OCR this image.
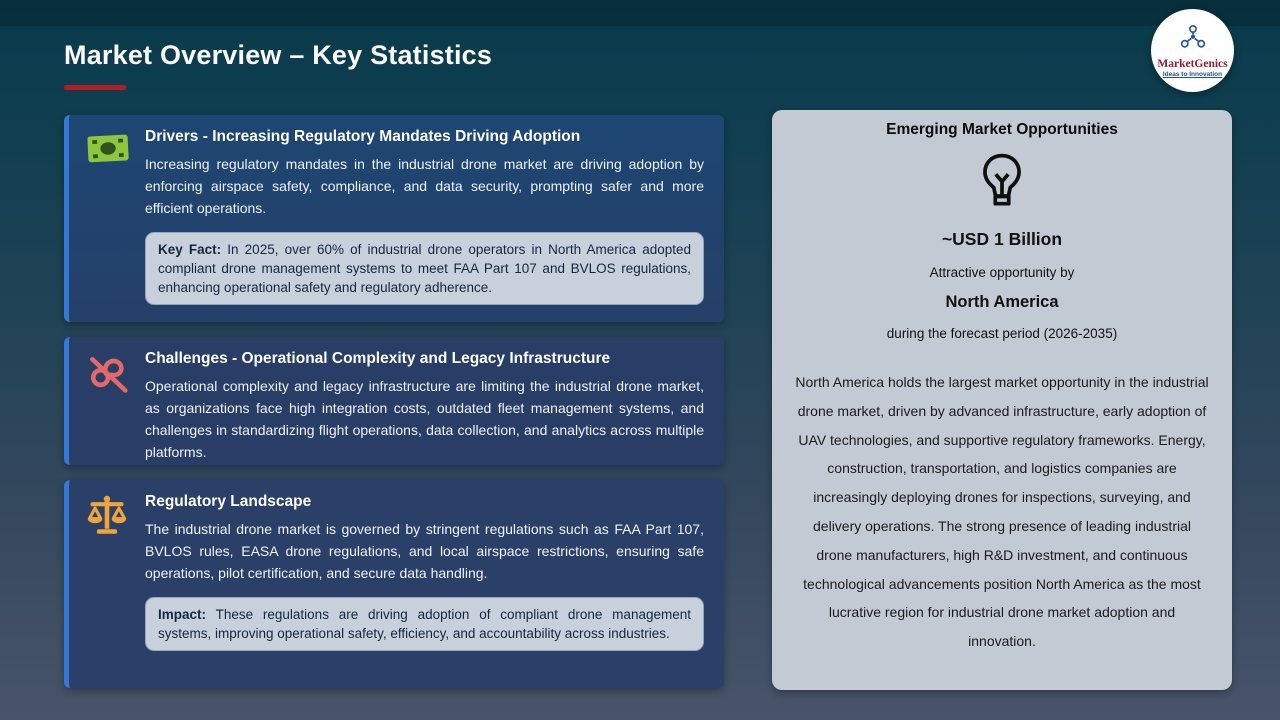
Market Overview – Key Statistics	MarketGenics
Ideas to Innovation
Drivers - Increasing Regulatory Mandates Driving Adoption
Increasing regulatory mandates in the industrial drone market are driving adoption by enforcing airspace safety, compliance, and data security, prompting safer and more efficient operations.
Key Fact: In 2025, over 60% of industrial drone operators in North America adopted compliant drone management systems to meet FAA Part 107 and BVLOS regulations, enhancing operational safety and regulatory adherence.
Challenges - Operational Complexity and Legacy Infrastructure
Operational complexity and legacy infrastructure are limiting the industrial drone market, as organizations face high integration costs, outdated fleet management systems, and challenges in standardizing flight operations, data collection, and analytics across multiple platforms.
Regulatory Landscape
The industrial drone market is governed by stringent regulations such as FAA Part 107, BVLOS rules, EASA drone regulations, and local airspace restrictions, ensuring safe operations, pilot certification, and secure data handling.
Impact: These regulations are driving adoption of compliant drone management systems, improving operational safety, efficiency, and accountability across industries.
Emerging Market Opportunities
~USD 1 Billion
Attractive opportunity by
North America
during the forecast period (2026-2035)
North America holds the largest market opportunity in the industrial drone market, driven by advanced infrastructure, early adoption of UAV technologies, and supportive regulatory frameworks. Energy, construction, transportation, and logistics companies are increasingly deploying drones for inspections, surveying, and delivery operations. The strong presence of leading industrial drone manufacturers, high R&D investment, and continuous technological advancements position North America as the most lucrative region for industrial drone market adoption and innovation.
